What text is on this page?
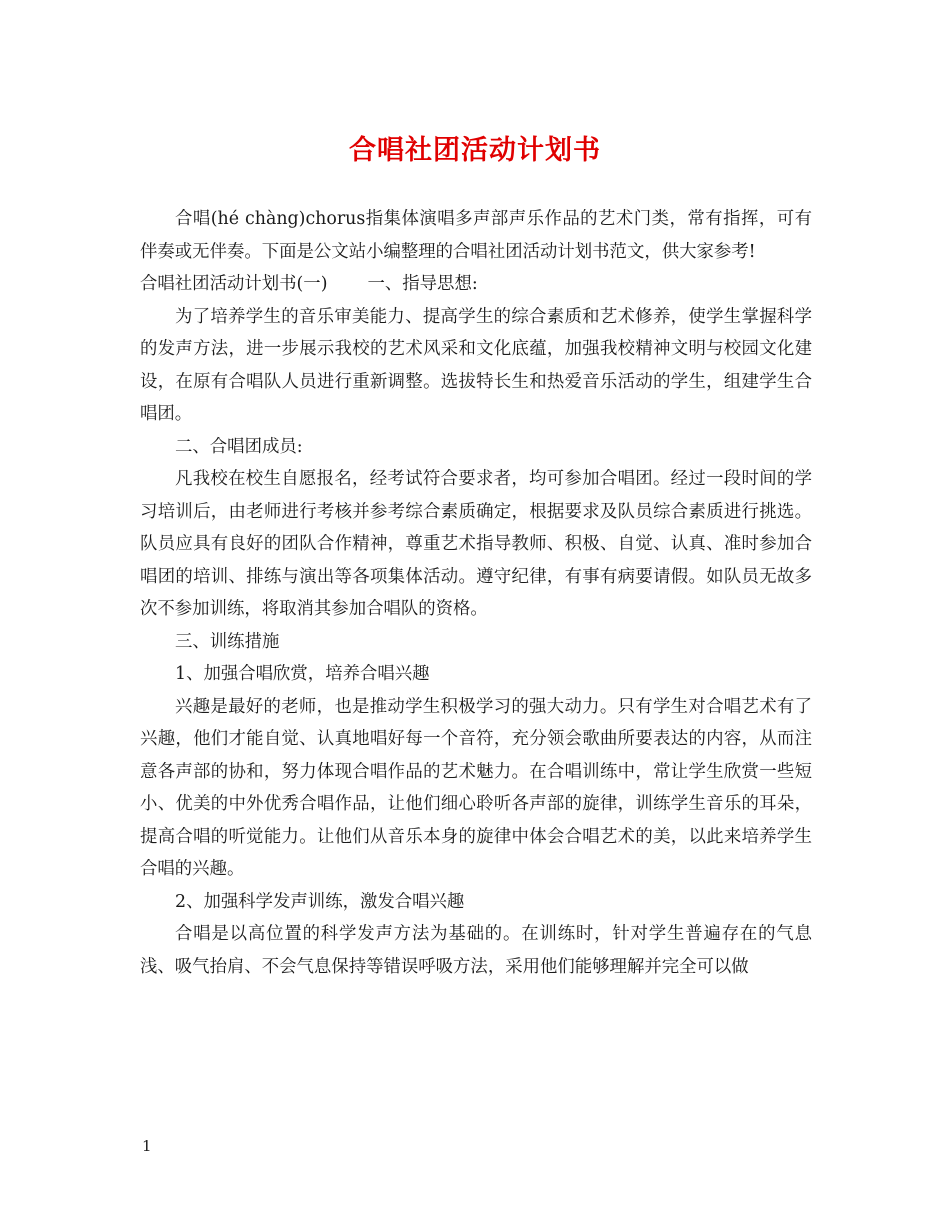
合唱社团活动计划书

合唱(hé chàng)chorus指集体演唱多声部声乐作品的艺术门类，常有指挥，可有伴奏或无伴奏。下面是公文站小编整理的合唱社团活动计划书范文，供大家参考!

合唱社团活动计划书(一) 一、指导思想:

为了培养学生的音乐审美能力、提高学生的综合素质和艺术修养，使学生掌握科学的发声方法，进一步展示我校的艺术风采和文化底蕴，加强我校精神文明与校园文化建设，在原有合唱队人员进行重新调整。选拔特长生和热爱音乐活动的学生，组建学生合唱团。

二、合唱团成员:

凡我校在校生自愿报名，经考试符合要求者，均可参加合唱团。经过一段时间的学习培训后，由老师进行考核并参考综合素质确定，根据要求及队员综合素质进行挑选。队员应具有良好的团队合作精神，尊重艺术指导教师、积极、自觉、认真、准时参加合唱团的培训、排练与演出等各项集体活动。遵守纪律，有事有病要请假。如队员无故多次不参加训练，将取消其参加合唱队的资格。

三、训练措施

1、加强合唱欣赏，培养合唱兴趣

兴趣是最好的老师，也是推动学生积极学习的强大动力。只有学生对合唱艺术有了兴趣，他们才能自觉、认真地唱好每一个音符，充分领会歌曲所要表达的内容，从而注意各声部的协和，努力体现合唱作品的艺术魅力。在合唱训练中，常让学生欣赏一些短小、优美的中外优秀合唱作品，让他们细心聆听各声部的旋律，训练学生音乐的耳朵，提高合唱的听觉能力。让他们从音乐本身的旋律中体会合唱艺术的美，以此来培养学生合唱的兴趣。

2、加强科学发声训练，激发合唱兴趣

合唱是以高位置的科学发声方法为基础的。在训练时，针对学生普遍存在的气息浅、吸气抬肩、不会气息保持等错误呼吸方法，采用他们能够理解并完全可以做

1
